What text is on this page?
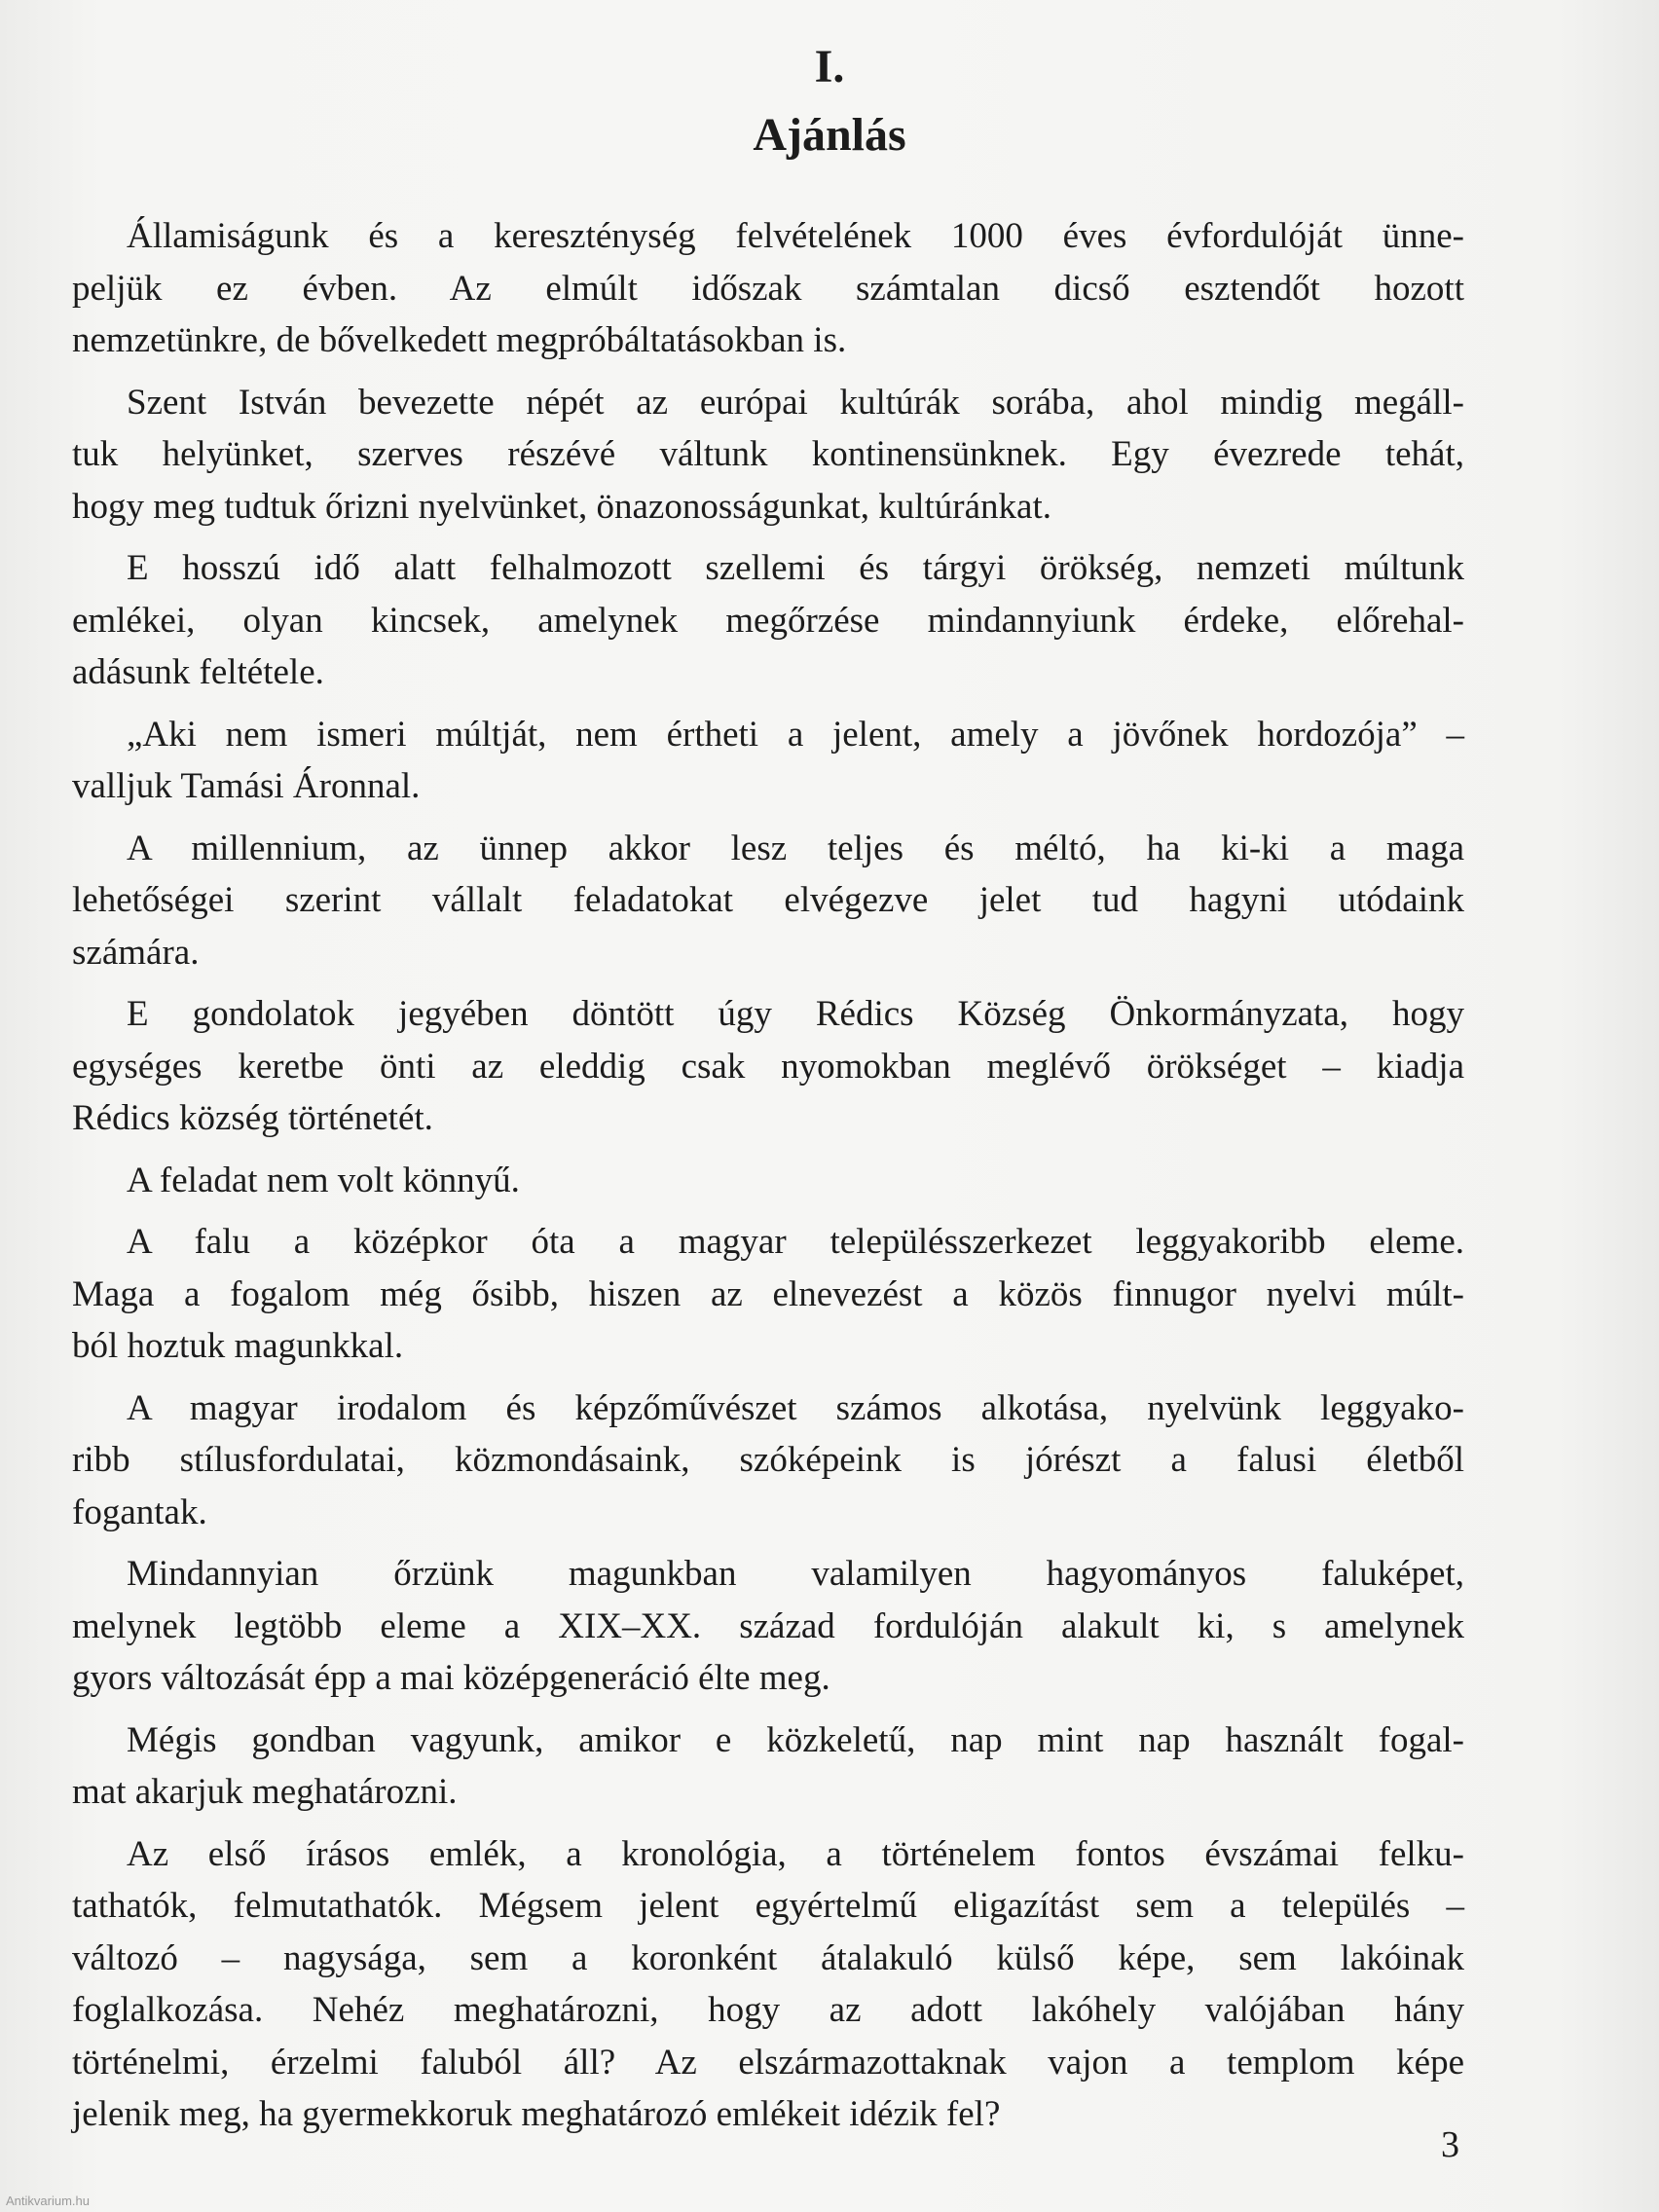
I.
Ajánlás
Államiságunk és a kereszténység felvételének 1000 éves évfordulóját ünne-
peljük ez évben. Az elmúlt időszak számtalan dicső esztendőt hozott
nemzetünkre, de bővelkedett megpróbáltatásokban is.
Szent István bevezette népét az európai kultúrák sorába, ahol mindig megáll-
tuk helyünket, szerves részévé váltunk kontinensünknek. Egy évezrede tehát,
hogy meg tudtuk őrizni nyelvünket, önazonosságunkat, kultúránkat.
E hosszú idő alatt felhalmozott szellemi és tárgyi örökség, nemzeti múltunk
emlékei, olyan kincsek, amelynek megőrzése mindannyiunk érdeke, előrehal-
adásunk feltétele.
„Aki nem ismeri múltját, nem értheti a jelent, amely a jövőnek hordozója” –
valljuk Tamási Áronnal.
A millennium, az ünnep akkor lesz teljes és méltó, ha ki-ki a maga
lehetőségei szerint vállalt feladatokat elvégezve jelet tud hagyni utódaink
számára.
E gondolatok jegyében döntött úgy Rédics Község Önkormányzata, hogy
egységes keretbe önti az eleddig csak nyomokban meglévő örökséget – kiadja
Rédics község történetét.
A feladat nem volt könnyű.
A falu a középkor óta a magyar településszerkezet leggyakoribb eleme.
Maga a fogalom még ősibb, hiszen az elnevezést a közös finnugor nyelvi múlt-
ból hoztuk magunkkal.
A magyar irodalom és képzőművészet számos alkotása, nyelvünk leggyako-
ribb stílusfordulatai, közmondásaink, szóképeink is jórészt a falusi életből
fogantak.
Mindannyian őrzünk magunkban valamilyen hagyományos faluképet,
melynek legtöbb eleme a XIX–XX. század fordulóján alakult ki, s amelynek
gyors változását épp a mai középgeneráció élte meg.
Mégis gondban vagyunk, amikor e közkeletű, nap mint nap használt fogal-
mat akarjuk meghatározni.
Az első írásos emlék, a kronológia, a történelem fontos évszámai felku-
tathatók, felmutathatók. Mégsem jelent egyértelmű eligazítást sem a település –
változó – nagysága, sem a koronként átalakuló külső képe, sem lakóinak
foglalkozása. Nehéz meghatározni, hogy az adott lakóhely valójában hány
történelmi, érzelmi faluból áll? Az elszármazottaknak vajon a templom képe
jelenik meg, ha gyermekkoruk meghatározó emlékeit idézik fel?
3
Antikvarium.hu
